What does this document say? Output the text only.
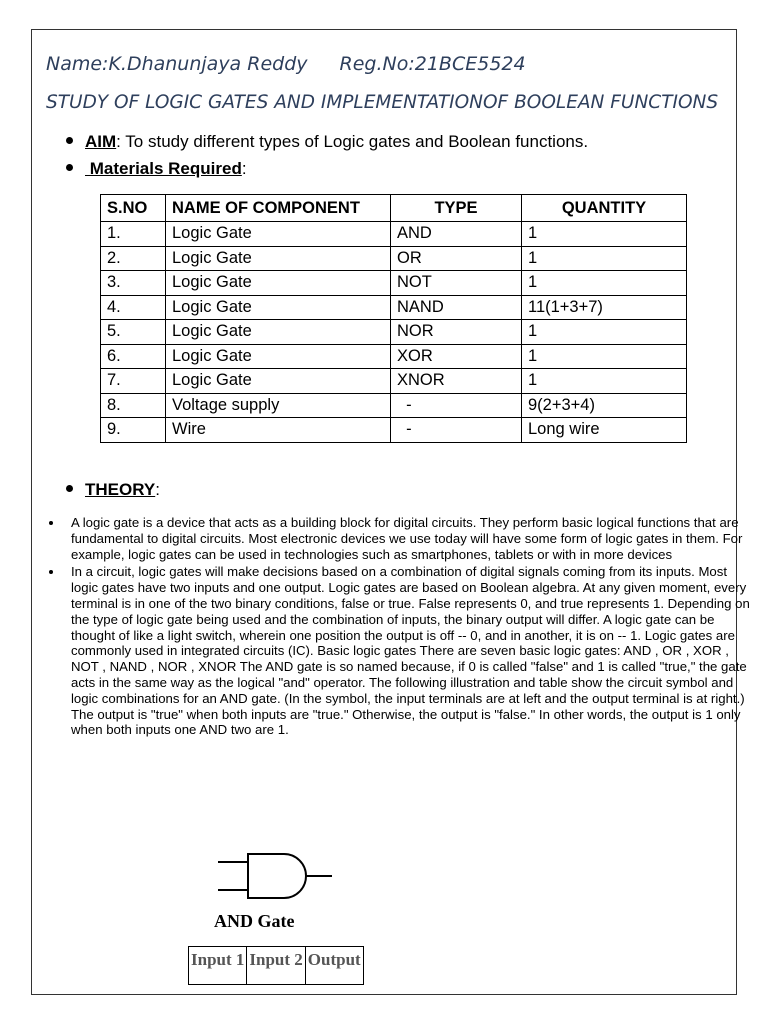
Name:K.Dhanunjaya Reddy Reg.No:21BCE5524
STUDY OF LOGIC GATES AND IMPLEMENTATIONOF BOOLEAN FUNCTIONS
AIM: To study different types of Logic gates and Boolean functions.
Materials Required:
S.NO	NAME OF COMPONENT	TYPE	QUANTITY
1.	Logic Gate	AND	1
2.	Logic Gate	OR	1
3.	Logic Gate	NOT	1
4.	Logic Gate	NAND	11(1+3+7)
5.	Logic Gate	NOR	1
6.	Logic Gate	XOR	1
7.	Logic Gate	XNOR	1
8.	Voltage supply	-	9(2+3+4)
9.	Wire	-	Long wire
THEORY:
A logic gate is a device that acts as a building block for digital circuits. They perform basic logical functions that are fundamental to digital circuits. Most electronic devices we use today will have some form of logic gates in them. For example, logic gates can be used in technologies such as smartphones, tablets or with in more devices
In a circuit, logic gates will make decisions based on a combination of digital signals coming from its inputs. Most logic gates have two inputs and one output. Logic gates are based on Boolean algebra. At any given moment, every terminal is in one of the two binary conditions, false or true. False represents 0, and true represents 1. Depending on the type of logic gate being used and the combination of inputs, the binary output will differ. A logic gate can be thought of like a light switch, wherein one position the output is off -- 0, and in another, it is on -- 1. Logic gates are commonly used in integrated circuits (IC). Basic logic gates There are seven basic logic gates: AND , OR , XOR , NOT , NAND , NOR , XNOR The AND gate is so named because, if 0 is called "false" and 1 is called "true," the gate acts in the same way as the logical "and" operator. The following illustration and table show the circuit symbol and logic combinations for an AND gate. (In the symbol, the input terminals are at left and the output terminal is at right.) The output is "true" when both inputs are "true." Otherwise, the output is "false." In other words, the output is 1 only when both inputs one AND two are 1.
AND Gate
Input 1	Input 2	Output
